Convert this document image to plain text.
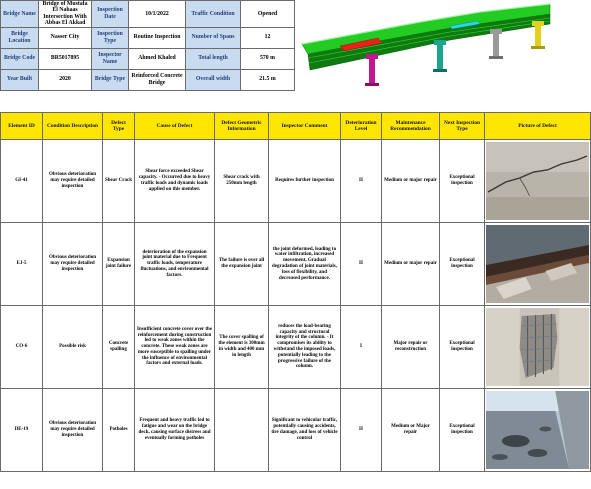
Bridge Name	Bridge of Mustafa El Nahaas Intersection With Abbas El Akkad	Inspection Date	10/1/2022	Traffic Condition	Opened
Bridge Location	Nasser City	Inspection Type	Routine Inspection	Number of Spans	12
Bridge Code	BR5017895	Inspector Name	Ahmed Khaled	Total length	570 m
Year Built	2020	Bridge Type	Reinforced Concrete Bridge	Overall width	21.5 m
Element ID	Condition Description	Defect Type	Cause of Defect	Defect Geometric Information	Inspector Comment	Deterioration Level	Maintenance Recommendation	Next Inspection Type	Picture of Defect
GI-41	Obvious deterioration may require detailed inspection	Shear Crack	Shear force exceeded Shear capacity. - Occurred due to heavy traffic loads and dynamic loads applied on this member.	Shear crack with 250mm length	Requires further inspection	II	Medium or major repair	Exceptional inspection	

EJ-5	Obvious deterioration may require detailed inspection	Expansion joint failure	deterioration of the expansion joint material due to Frequent traffic loads, temperature fluctuations, and environmental factors.	The failure is over all the expansion joint	the joint deformed, leading to water infiltration, increased movement, Gradual degradation of joint materials, loss of flexibility, and decreased performance.	II	Medium or major repair	Exceptional inspection	

CO-6	Possible risk	Concrete spalling	Insufficient concrete cover over the reinforcement during construction led to weak zones within the concrete. These weak zones are more susceptible to spalling under the influence of environmental factors and external loads.	The cover spalling of the element is 300mm in width and 400 mm in length	reduces the load-bearing capacity and structural integrity of the column. - It compromises its ability to withstand the imposed loads, potentially leading to the progressive failure of the column.	I	Major repair or reconstruction	Exceptional inspection	

DE-19	Obvious deterioration may require detailed inspection	Potholes	Frequent and heavy traffic led to fatigue and wear on the bridge deck, causing surface distress and eventually forming potholes		Significant to vehicular traffic, potentially causing accidents, tire damage, and loss of vehicle control	II	Medium or Major repair	Exceptional inspection	
